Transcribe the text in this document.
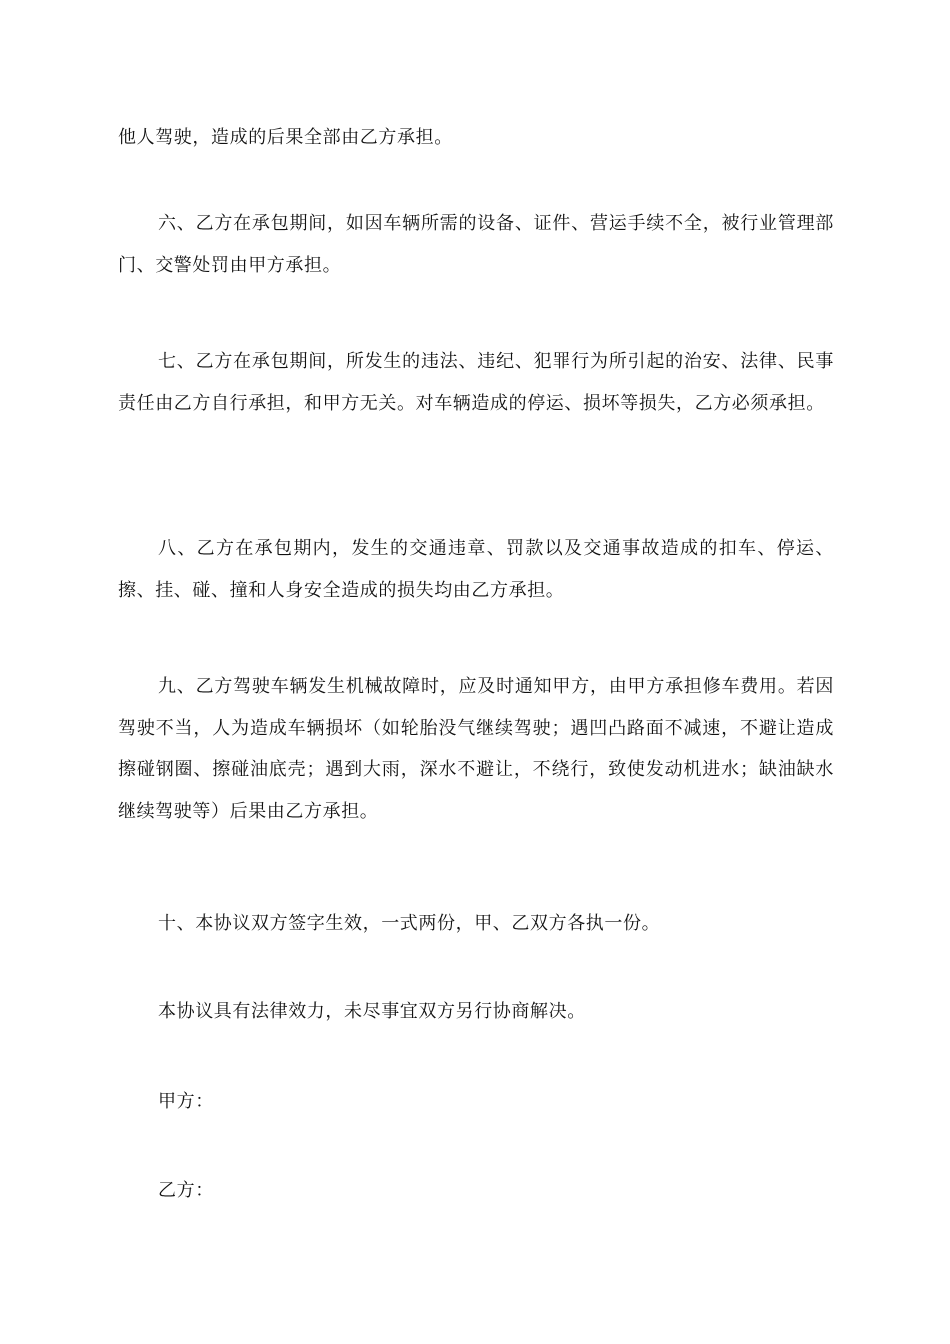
他人驾驶，造成的后果全部由乙方承担。

六、乙方在承包期间，如因车辆所需的设备、证件、营运手续不全，被行业管理部门、交警处罚由甲方承担。

七、乙方在承包期间，所发生的违法、违纪、犯罪行为所引起的治安、法律、民事责任由乙方自行承担，和甲方无关。对车辆造成的停运、损坏等损失，乙方必须承担。

八、乙方在承包期内，发生的交通违章、罚款以及交通事故造成的扣车、停运、擦、挂、碰、撞和人身安全造成的损失均由乙方承担。

九、乙方驾驶车辆发生机械故障时，应及时通知甲方，由甲方承担修车费用。若因驾驶不当，人为造成车辆损坏（如轮胎没气继续驾驶；遇凹凸路面不减速，不避让造成擦碰钢圈、擦碰油底壳；遇到大雨，深水不避让，不绕行，致使发动机进水；缺油缺水继续驾驶等）后果由乙方承担。

十、本协议双方签字生效，一式两份，甲、乙双方各执一份。

本协议具有法律效力，未尽事宜双方另行协商解决。

甲方：

乙方：
